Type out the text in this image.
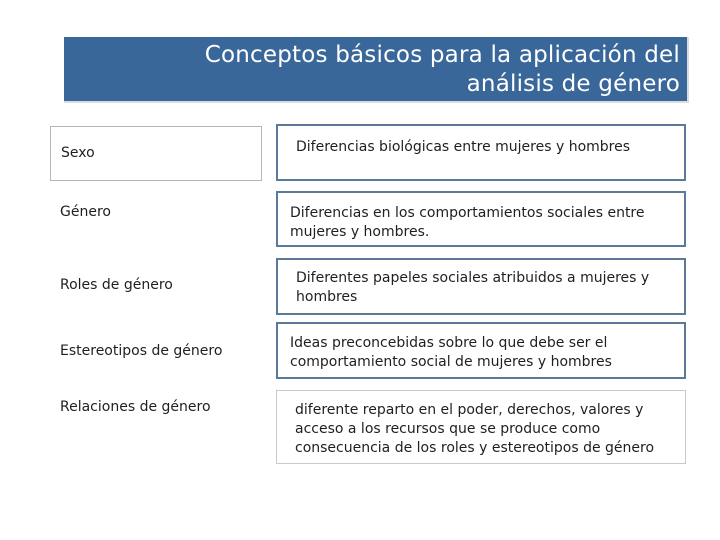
Conceptos básicos para la aplicación del
análisis de género
Sexo	Diferencias biológicas entre mujeres y hombres
Género	Diferencias en los comportamientos sociales entre mujeres y hombres.
Roles de género	Diferentes papeles sociales atribuidos a mujeres y hombres
Estereotipos de género	Ideas preconcebidas sobre lo que debe ser el comportamiento social de mujeres y hombres
Relaciones de género	diferente reparto en el poder, derechos, valores y acceso a los recursos que se produce como consecuencia de los roles y estereotipos de género
